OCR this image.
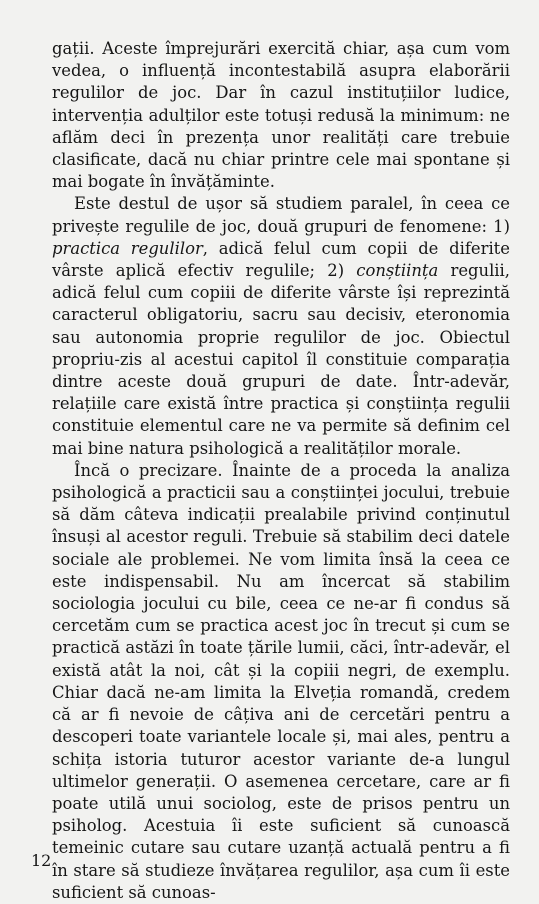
gații. Aceste împrejurări exercită chiar, așa cum vom vedea, o influență incontestabilă asupra elaborării regulilor de joc. Dar în cazul instituțiilor ludice, intervenția adulților este totuși redusă la minimum: ne aflăm deci în prezența unor realități care trebuie clasificate, dacă nu chiar printre cele mai spontane și mai bogate în învățăminte.

Este destul de ușor să studiem paralel, în ceea ce privește regulile de joc, două grupuri de fenomene: 1) practica regulilor, adică felul cum copii de diferite vârste aplică efectiv regulile; 2) conștiința regulii, adică felul cum copiii de diferite vârste își reprezintă caracterul obligatoriu, sacru sau decisiv, eteronomia sau autonomia proprie regulilor de joc. Obiectul propriu-zis al acestui capitol îl constituie comparația dintre aceste două grupuri de date. Într-adevăr, relațiile care există între practica și conștiința regulii constituie elementul care ne va permite să definim cel mai bine natura psihologică a realităților morale.

Încă o precizare. Înainte de a proceda la analiza psihologică a practicii sau a conștiinței jocului, trebuie să dăm câteva indicații prealabile privind conținutul însuși al acestor reguli. Trebuie să stabilim deci datele sociale ale problemei. Ne vom limita însă la ceea ce este indispensabil. Nu am încercat să stabilim sociologia jocului cu bile, ceea ce ne-ar fi condus să cercetăm cum se practica acest joc în trecut și cum se practică astăzi în toate țările lumii, căci, într-adevăr, el există atât la noi, cât și la copiii negri, de exemplu. Chiar dacă ne-am limita la Elveția romandă, credem că ar fi nevoie de câțiva ani de cercetări pentru a descoperi toate variantele locale și, mai ales, pentru a schița istoria tuturor acestor variante de-a lungul ultimelor generații. O asemenea cercetare, care ar fi poate utilă unui sociolog, este de prisos pentru un psiholog. Acestuia îi este suficient să cunoască temeinic cutare sau cutare uzanță actuală pentru a fi în stare să studieze învățarea regulilor, așa cum îi este suficient să cunoas-

12
